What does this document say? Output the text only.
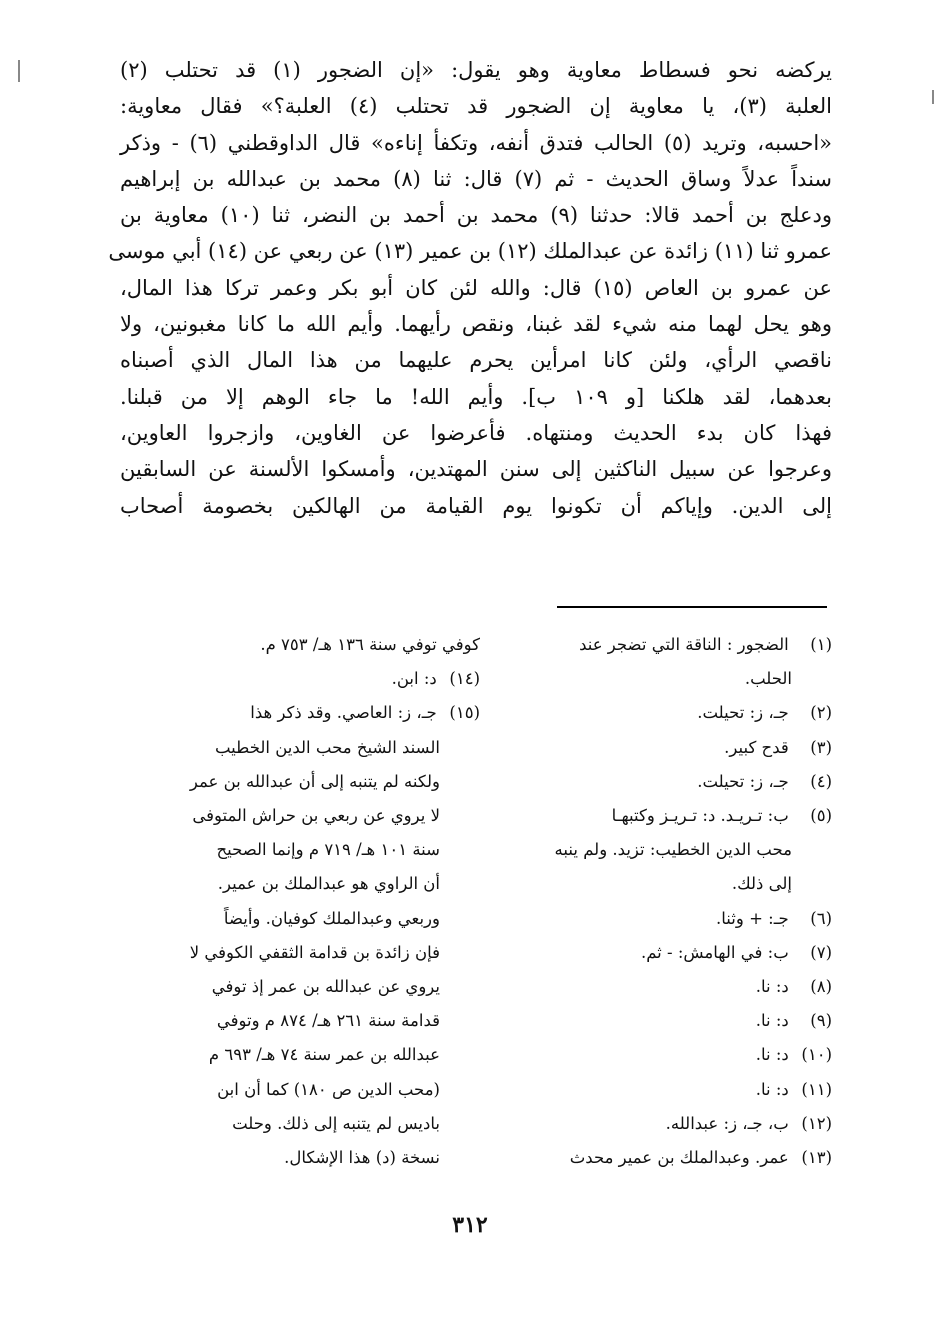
يركضه نحو فسطاط معاوية وهو يقول: «إن الضجور (١) قد تحتلب (٢)
العلبة (٣)، يا معاوية إن الضجور قد تحتلب (٤) العلبة؟» فقال معاوية:
«احسبه، وتريد (٥) الحالب فتدق أنفه، وتكفأ إناءه» قال الداوقطني (٦) - وذكر
سنداً عدلاً وساق الحديث - ثم (٧) قال: ثنا (٨) محمد بن عبدالله بن إبراهيم
ودعلج بن أحمد قالا: حدثنا (٩) محمد بن أحمد بن النضر، ثنا (١٠) معاوية بن
عمرو ثنا (١١) زائدة عن عبدالملك (١٢) بن عمير (١٣) عن ربعي عن (١٤) أبي موسى
عن عمرو بن العاص (١٥) قال: والله لئن كان أبو بكر وعمر تركا هذا المال،
وهو يحل لهما منه شيء لقد غبنا، ونقص رأيهما. وأيم الله ما كانا مغبونين، ولا
ناقصي الرأي، ولئن كانا امرأين يحرم عليهما من هذا المال الذي أصبناه
بعدهما، لقد هلكنا [و ١٠٩ ب]. وأيم الله! ما جاء الوهم إلا من قبلنا.
فهذا كان بدء الحديث ومنتهاه. فأعرضوا عن الغاوين، وازجروا العاوين،
وعرجوا عن سبيل الناكثين إلى سنن المهتدين، وأمسكوا الألسنة عن السابقين
إلى الدين. وإياكم أن تكونوا يوم القيامة من الهالكين بخصومة أصحاب
(١) الضجور : الناقة التي تضجر عند
الحلب.
(٢) جـ، ز: تحيلت.
(٣) قدح كبير.
(٤) جـ، ز: تحيلت.
(٥) ب: تـريـد. د: تـريـز وكتبهـا
محب الدين الخطيب: تزيد. ولم ينبه
إلى ذلك.
(٦) جـ: + وثنا.
(٧) ب: في الهامش: - ثم.
(٨) د: نا.
(٩) د: نا.
(١٠) د: نا.
(١١) د: نا.
(١٢) ب، جـ، ز: عبدالله.
(١٣) عمر. وعبدالملك بن عمير محدث
كوفي توفي سنة ١٣٦ هـ/ ٧٥٣ م.
(١٤) د: ابن.
(١٥) جـ، ز: العاصي. وقد ذكر هذا
السند الشيخ محب الدين الخطيب
ولكنه لم يتنبه إلى أن عبدالله بن عمر
لا يروي عن ربعي بن حراش المتوفى
سنة ١٠١ هـ/ ٧١٩ م وإنما الصحيح
أن الراوي هو عبدالملك بن عمير.
وربعي وعبدالملك كوفيان. وأيضاً
فإن زائدة بن قدامة الثقفي الكوفي لا
يروي عن عبدالله بن عمر إذ توفي
قدامة سنة ٢٦١ هـ/ ٨٧٤ م وتوفي
عبدالله بن عمر سنة ٧٤ هـ/ ٦٩٣ م
(محب الدين ص ١٨٠) كما أن ابن
باديس لم يتنبه إلى ذلك. وحلت
نسخة (د) هذا الإشكال.
٣١٢
